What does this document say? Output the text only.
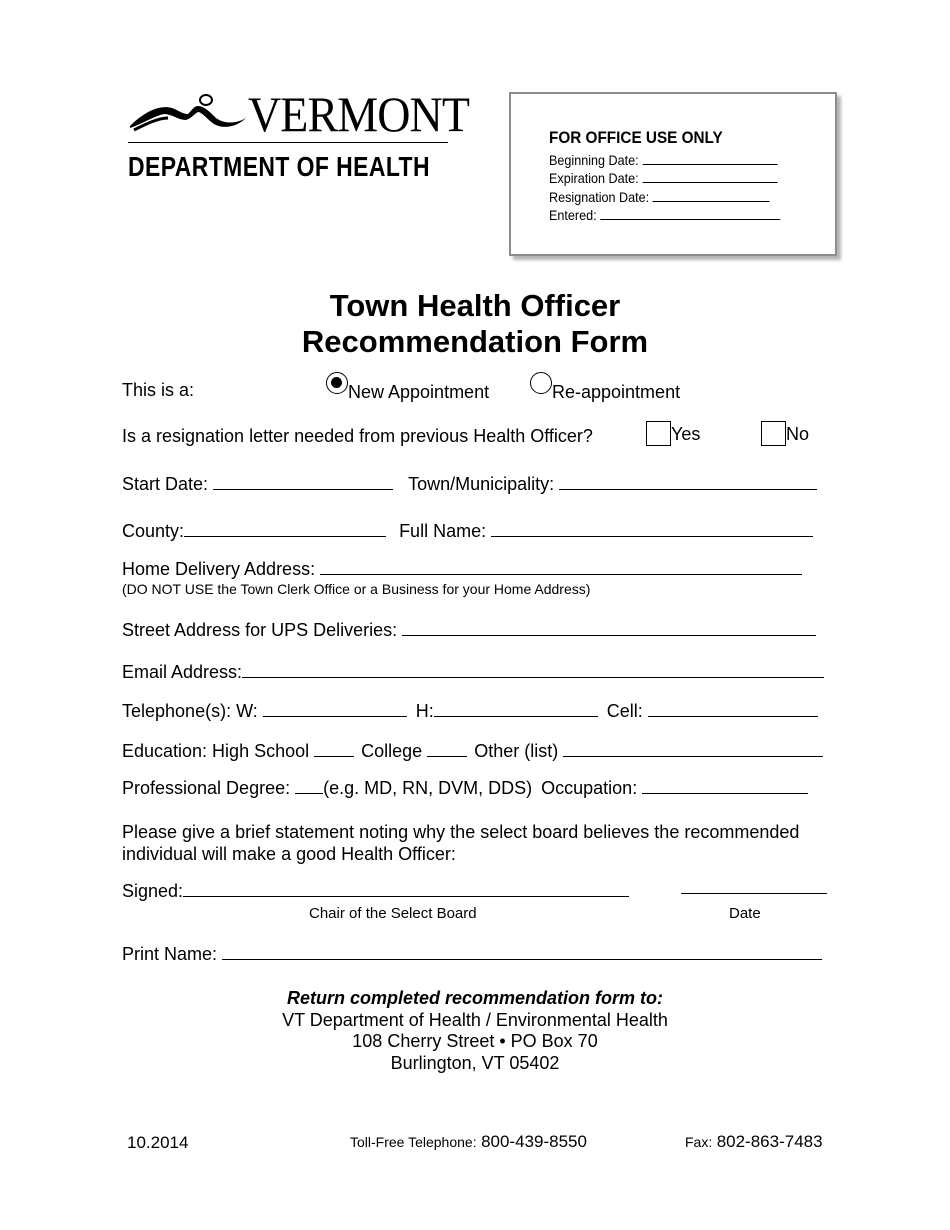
VERMONT
DEPARTMENT OF HEALTH
FOR OFFICE USE ONLY
Beginning Date:
Expiration Date:
Resignation Date:
Entered:
Town Health Officer
Recommendation Form
This is a:	New Appointment	Re-appointment
Is a resignation letter needed from previous Health Officer?	Yes	No
Start Date:	Town/Municipality:
County:	Full Name:
Home Delivery Address:
(DO NOT USE the Town Clerk Office or a Business for your Home Address)
Street Address for UPS Deliveries:
Email Address:
Telephone(s): W:	H:	Cell:
Education: High School	College	Other (list)
Professional Degree: (e.g. MD, RN, DVM, DDS) Occupation:
Please give a brief statement noting why the select board believes the recommended
individual will make a good Health Officer:
Signed:
Chair of the Select Board	Date
Print Name:
Return completed recommendation form to:
VT Department of Health / Environmental Health
108 Cherry Street • PO Box 70
Burlington, VT 05402
10.2014	Toll-Free Telephone: 800-439-8550	Fax: 802-863-7483
